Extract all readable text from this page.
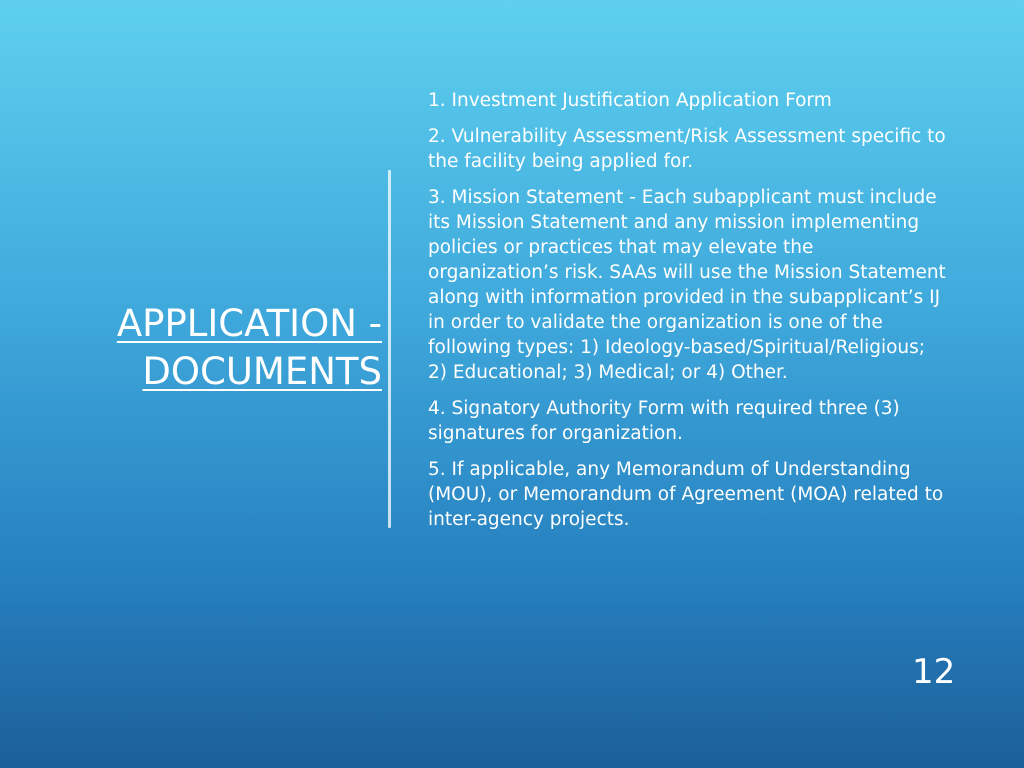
APPLICATION -
DOCUMENTS
1. Investment Justification Application Form
2. Vulnerability Assessment/Risk Assessment specific to the facility being applied for.
3. Mission Statement - Each subapplicant must include its Mission Statement and any mission implementing policies or practices that may elevate the organization’s risk. SAAs will use the Mission Statement along with information provided in the subapplicant’s IJ in order to validate the organization is one of the following types: 1) Ideology-based/Spiritual/Religious; 2) Educational; 3) Medical; or 4) Other.
4. Signatory Authority Form with required three (3) signatures for organization.
5. If applicable, any Memorandum of Understanding (MOU), or Memorandum of Agreement (MOA) related to inter-agency projects.
12
